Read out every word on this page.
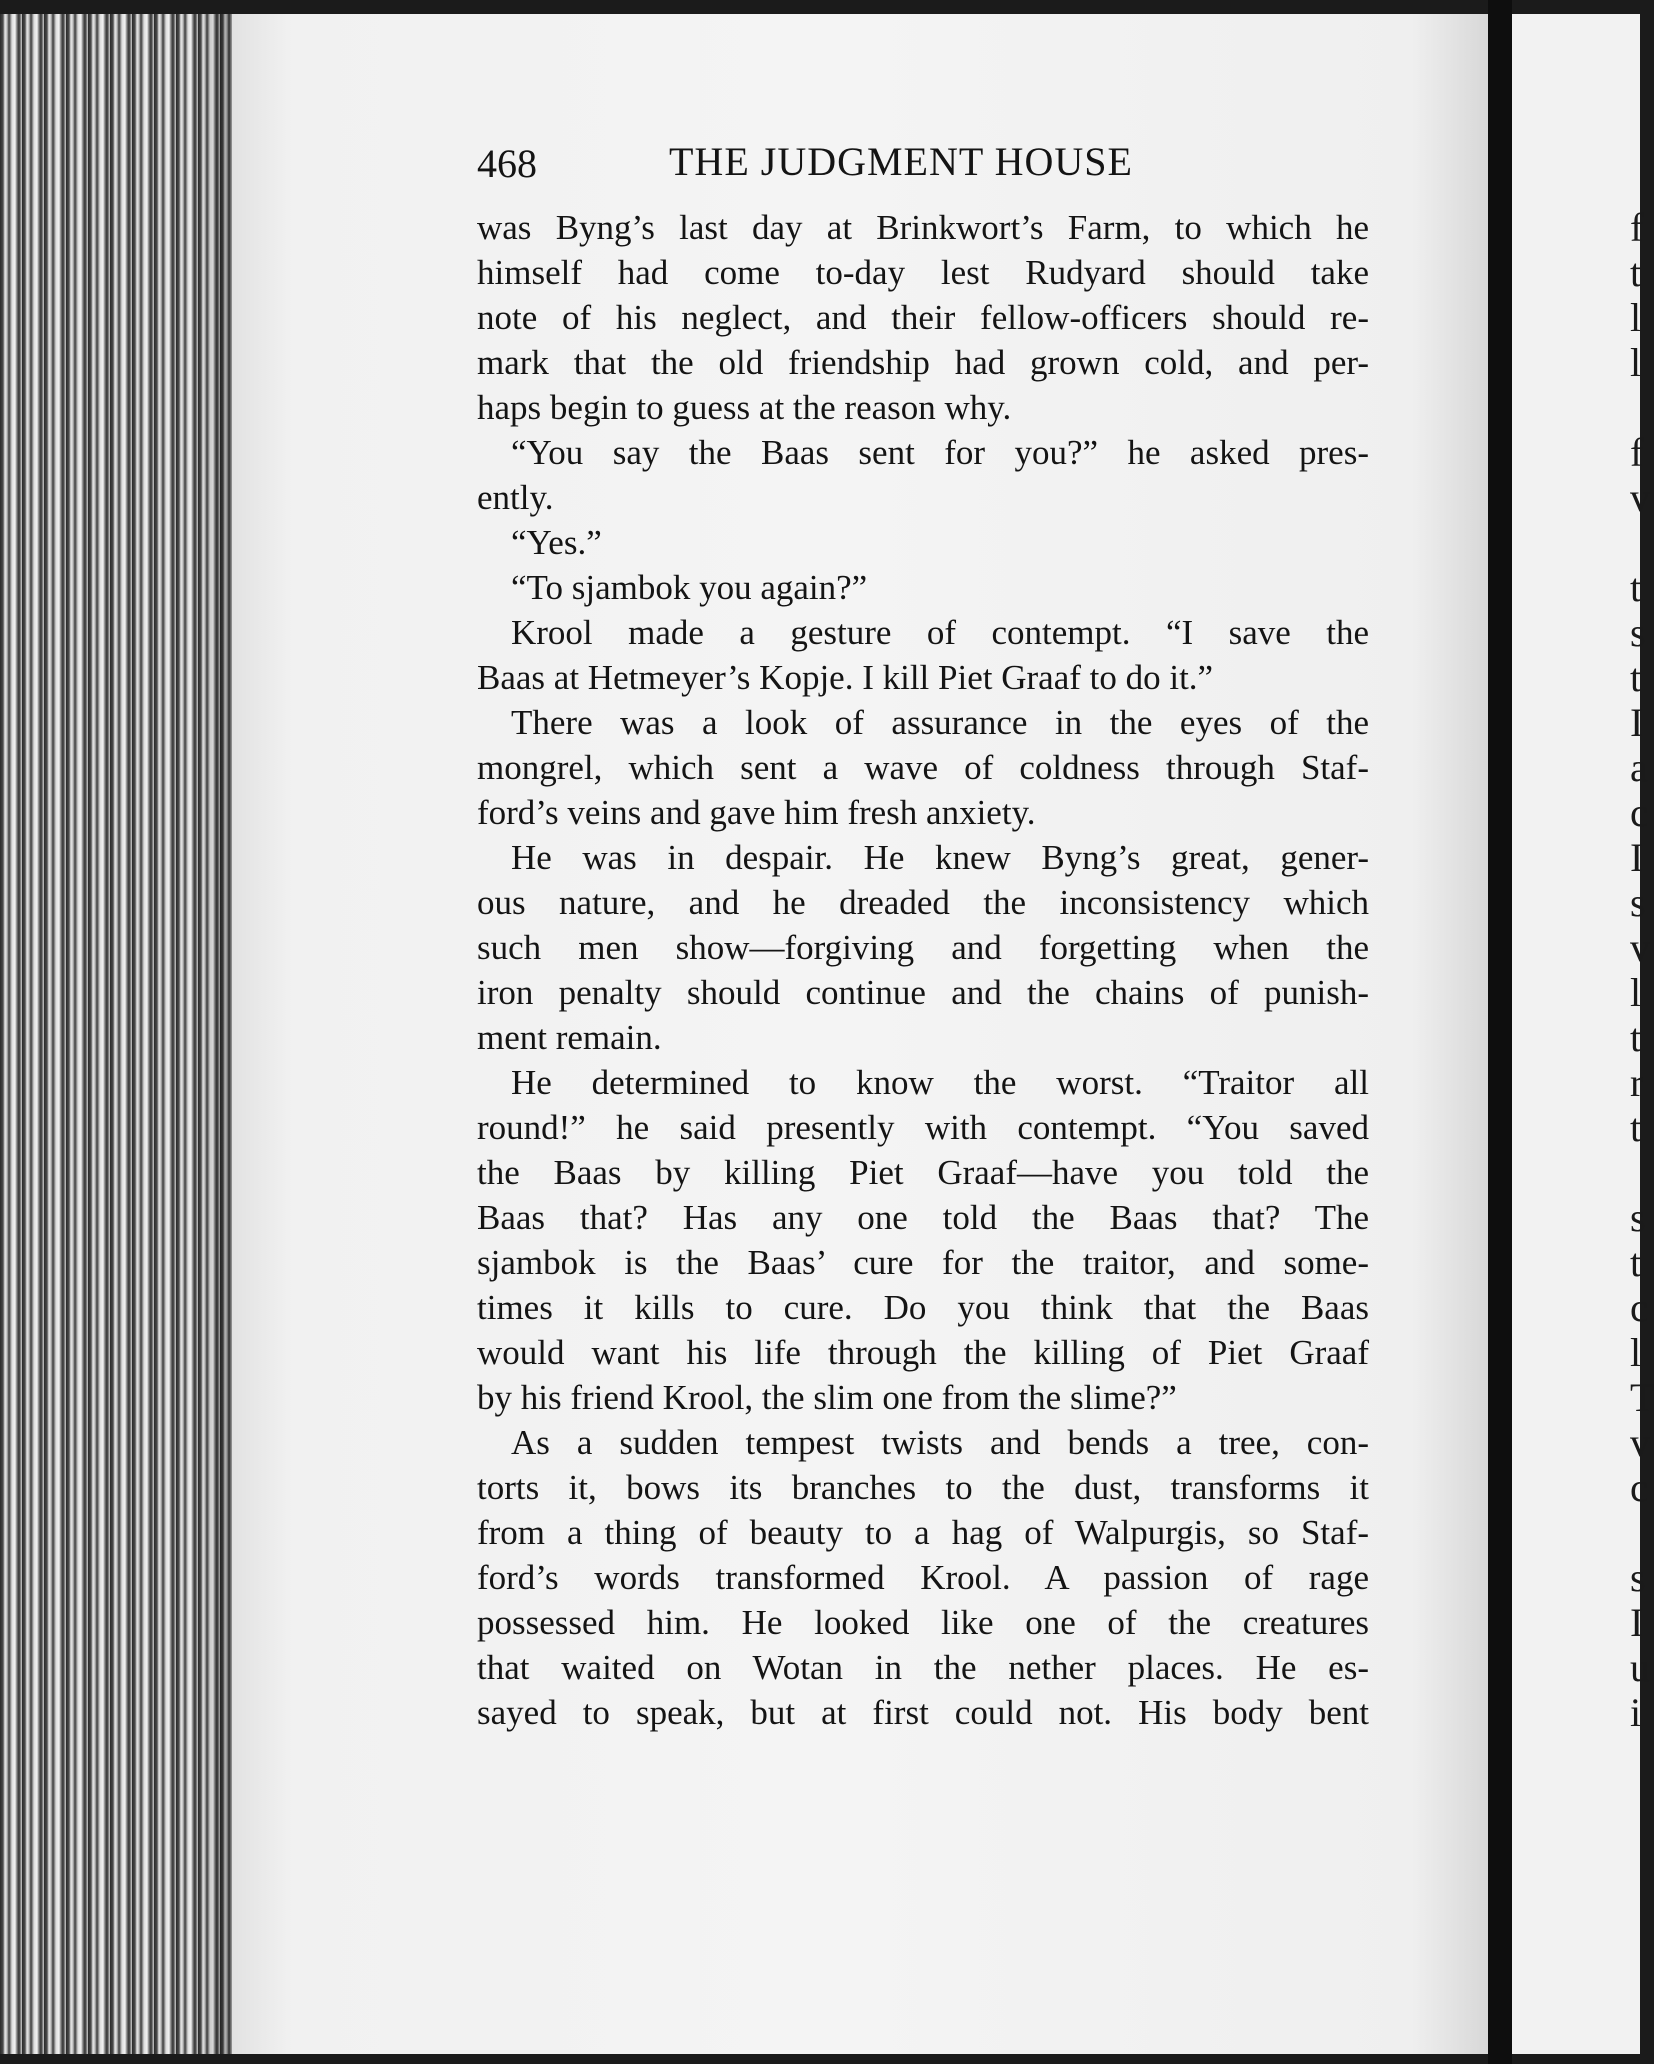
468	THE JUDGMENT HOUSE
was Byng’s last day at Brinkwort’s Farm, to which he
himself had come to-day lest Rudyard should take
note of his neglect, and their fellow-officers should re-
mark that the old friendship had grown cold, and per-
haps begin to guess at the reason why.
“You say the Baas sent for you?” he asked pres-
ently.
“Yes.”
“To sjambok you again?”
Krool made a gesture of contempt. “I save the
Baas at Hetmeyer’s Kopje. I kill Piet Graaf to do it.”
There was a look of assurance in the eyes of the
mongrel, which sent a wave of coldness through Staf-
ford’s veins and gave him fresh anxiety.
He was in despair. He knew Byng’s great, gener-
ous nature, and he dreaded the inconsistency which
such men show—forgiving and forgetting when the
iron penalty should continue and the chains of punish-
ment remain.
He determined to know the worst. “Traitor all
round!” he said presently with contempt. “You saved
the Baas by killing Piet Graaf—have you told the
Baas that? Has any one told the Baas that? The
sjambok is the Baas’ cure for the traitor, and some-
times it kills to cure. Do you think that the Baas
would want his life through the killing of Piet Graaf
by his friend Krool, the slim one from the slime?”
As a sudden tempest twists and bends a tree, con-
torts it, bows its branches to the dust, transforms it
from a thing of beauty to a hag of Walpurgis, so Staf-
ford’s words transformed Krool. A passion of rage
possessed him. He looked like one of the creatures
that waited on Wotan in the nether places. He es-
sayed to speak, but at first could not. His body bent
f
t
l
l
f
v
t
s
t
I
a
c
I
s
v
l
t
r
t
s
t
c
l
T
v
c
s
I
u
i
